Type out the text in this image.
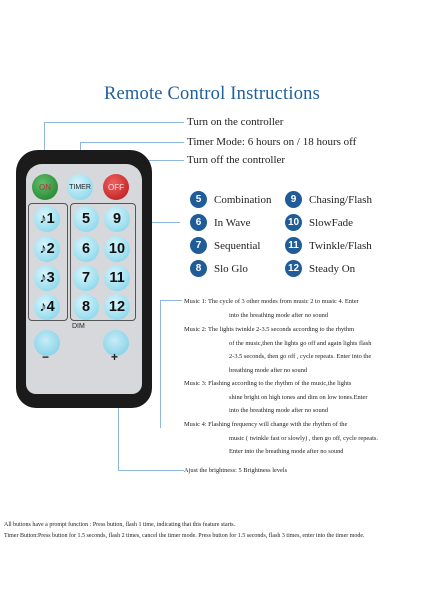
Remote Control Instructions
Turn on the controller
Timer Mode: 6 hours on / 18 hours off
Turn off the controller
ON	TIMER	OFF
♪1
♪2
♪3
♪4
5	9
6	10
7	11
8	12
DIM
−	+
5	Combination	9	Chasing/Flash
6	In Wave	10 SlowFade
7	Sequential	11 Twinkle/Flash
8	Slo Glo	12 Steady On
Music 1: The cycle of 3 other modes from music 2 to music 4. Enter
into the breathing mode after no sound
Music 2: The lights twinkle 2-3.5 seconds according to the rhythm
of the music,then the lights go off and again lights flash
2-3.5 seconds, then go off , cycle repeats. Enter into the
breathing mode after no sound
Music 3: Flashing according to the rhythm of the music,the lights
shine bright on high tones and dim on low tones.Enter
into the breathing mode after no sound
Music 4: Flashing frequency will change with the rhythm of the
music ( twinkle fast or slowly) , then go off, cycle repeats.
Enter into the breathing mode after no sound
Ajust the brightness: 5 Brightness levels
All buttons have a prompt function : Press button, flash 1 time, indicating that this feature starts.
Timer Button:Press button for 1.5 seconds, flash 2 times, cancel the timer mode. Press button for 1.5 seconds, flash 3 times, enter into the timer mode.
